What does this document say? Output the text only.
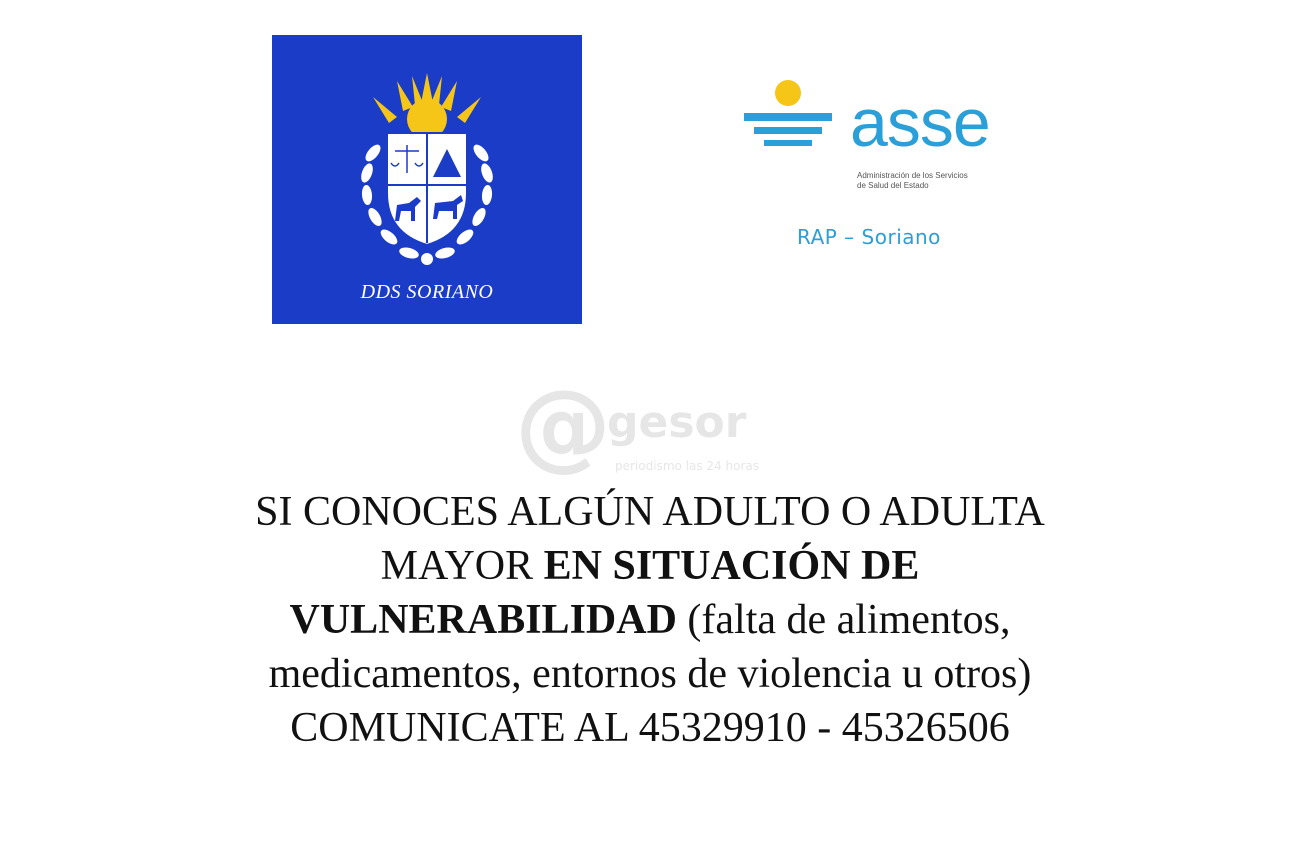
DDS SORIANO
asse
Administración de los Servicios
de Salud del Estado
RAP – Soriano
@
gesor
periodismo las 24 horas
SI CONOCES ALGÚN ADULTO O ADULTA
MAYOR EN SITUACIÓN DE
VULNERABILIDAD (falta de alimentos,
medicamentos, entornos de violencia u otros)
COMUNICATE AL 45329910 - 45326506
